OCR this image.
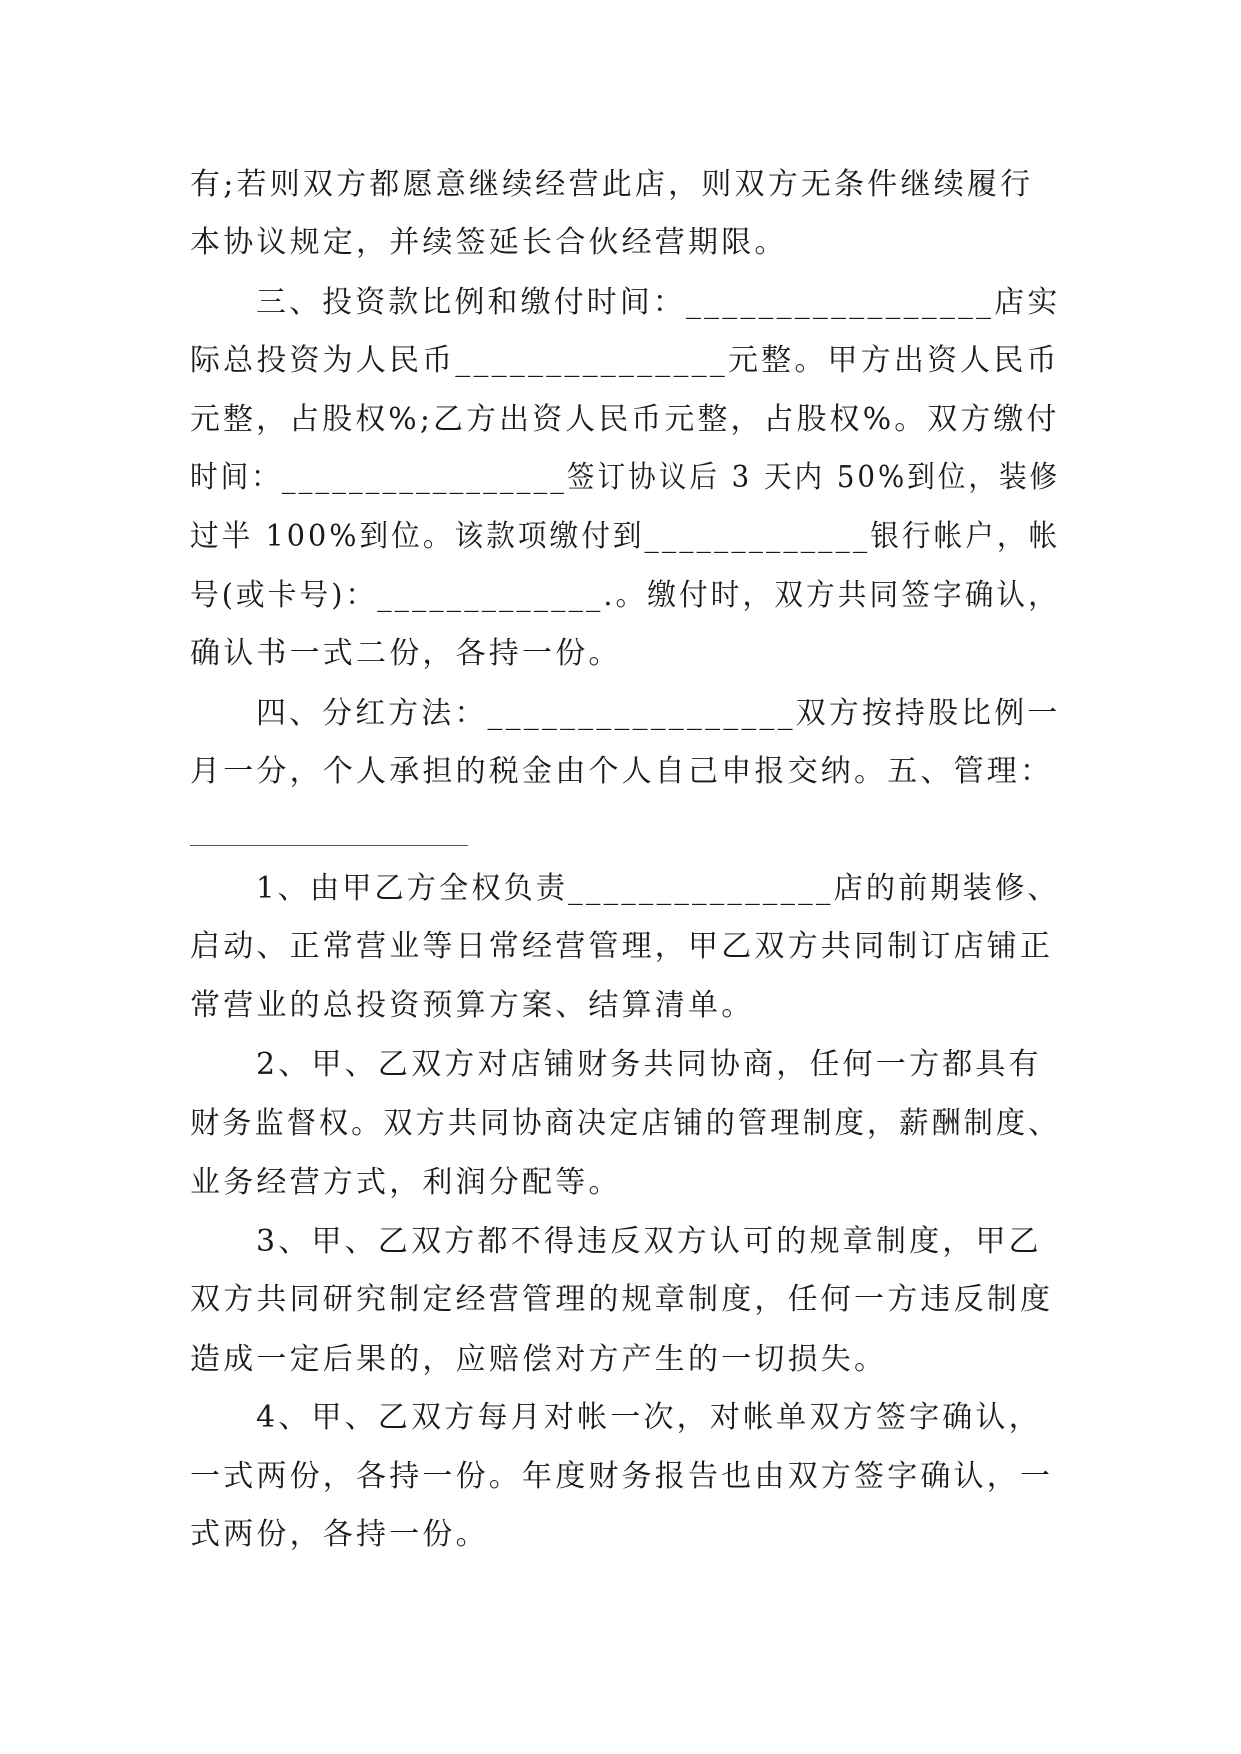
有;若则双方都愿意继续经营此店，则双方无条件继续履行
本协议规定，并续签延长合伙经营期限。
三、投资款比例和缴付时间：_________________店实
际总投资为人民币_______________元整。甲方出资人民币
元整，占股权%;乙方出资人民币元整，占股权%。双方缴付
时间：_________________签订协议后 3 天内 50%到位，装修
过半 100%到位。该款项缴付到_____________银行帐户，帐
号(或卡号)：_____________.。缴付时，双方共同签字确认，
确认书一式二份，各持一份。
四、分红方法：_________________双方按持股比例一
月一分，个人承担的税金由个人自己申报交纳。五、管理：
1、由甲乙方全权负责_______________店的前期装修、
启动、正常营业等日常经营管理，甲乙双方共同制订店铺正
常营业的总投资预算方案、结算清单。
2、甲、乙双方对店铺财务共同协商，任何一方都具有
财务监督权。双方共同协商决定店铺的管理制度，薪酬制度、
业务经营方式，利润分配等。
3、甲、乙双方都不得违反双方认可的规章制度，甲乙
双方共同研究制定经营管理的规章制度，任何一方违反制度
造成一定后果的，应赔偿对方产生的一切损失。
4、甲、乙双方每月对帐一次，对帐单双方签字确认，
一式两份，各持一份。年度财务报告也由双方签字确认，一
式两份，各持一份。
